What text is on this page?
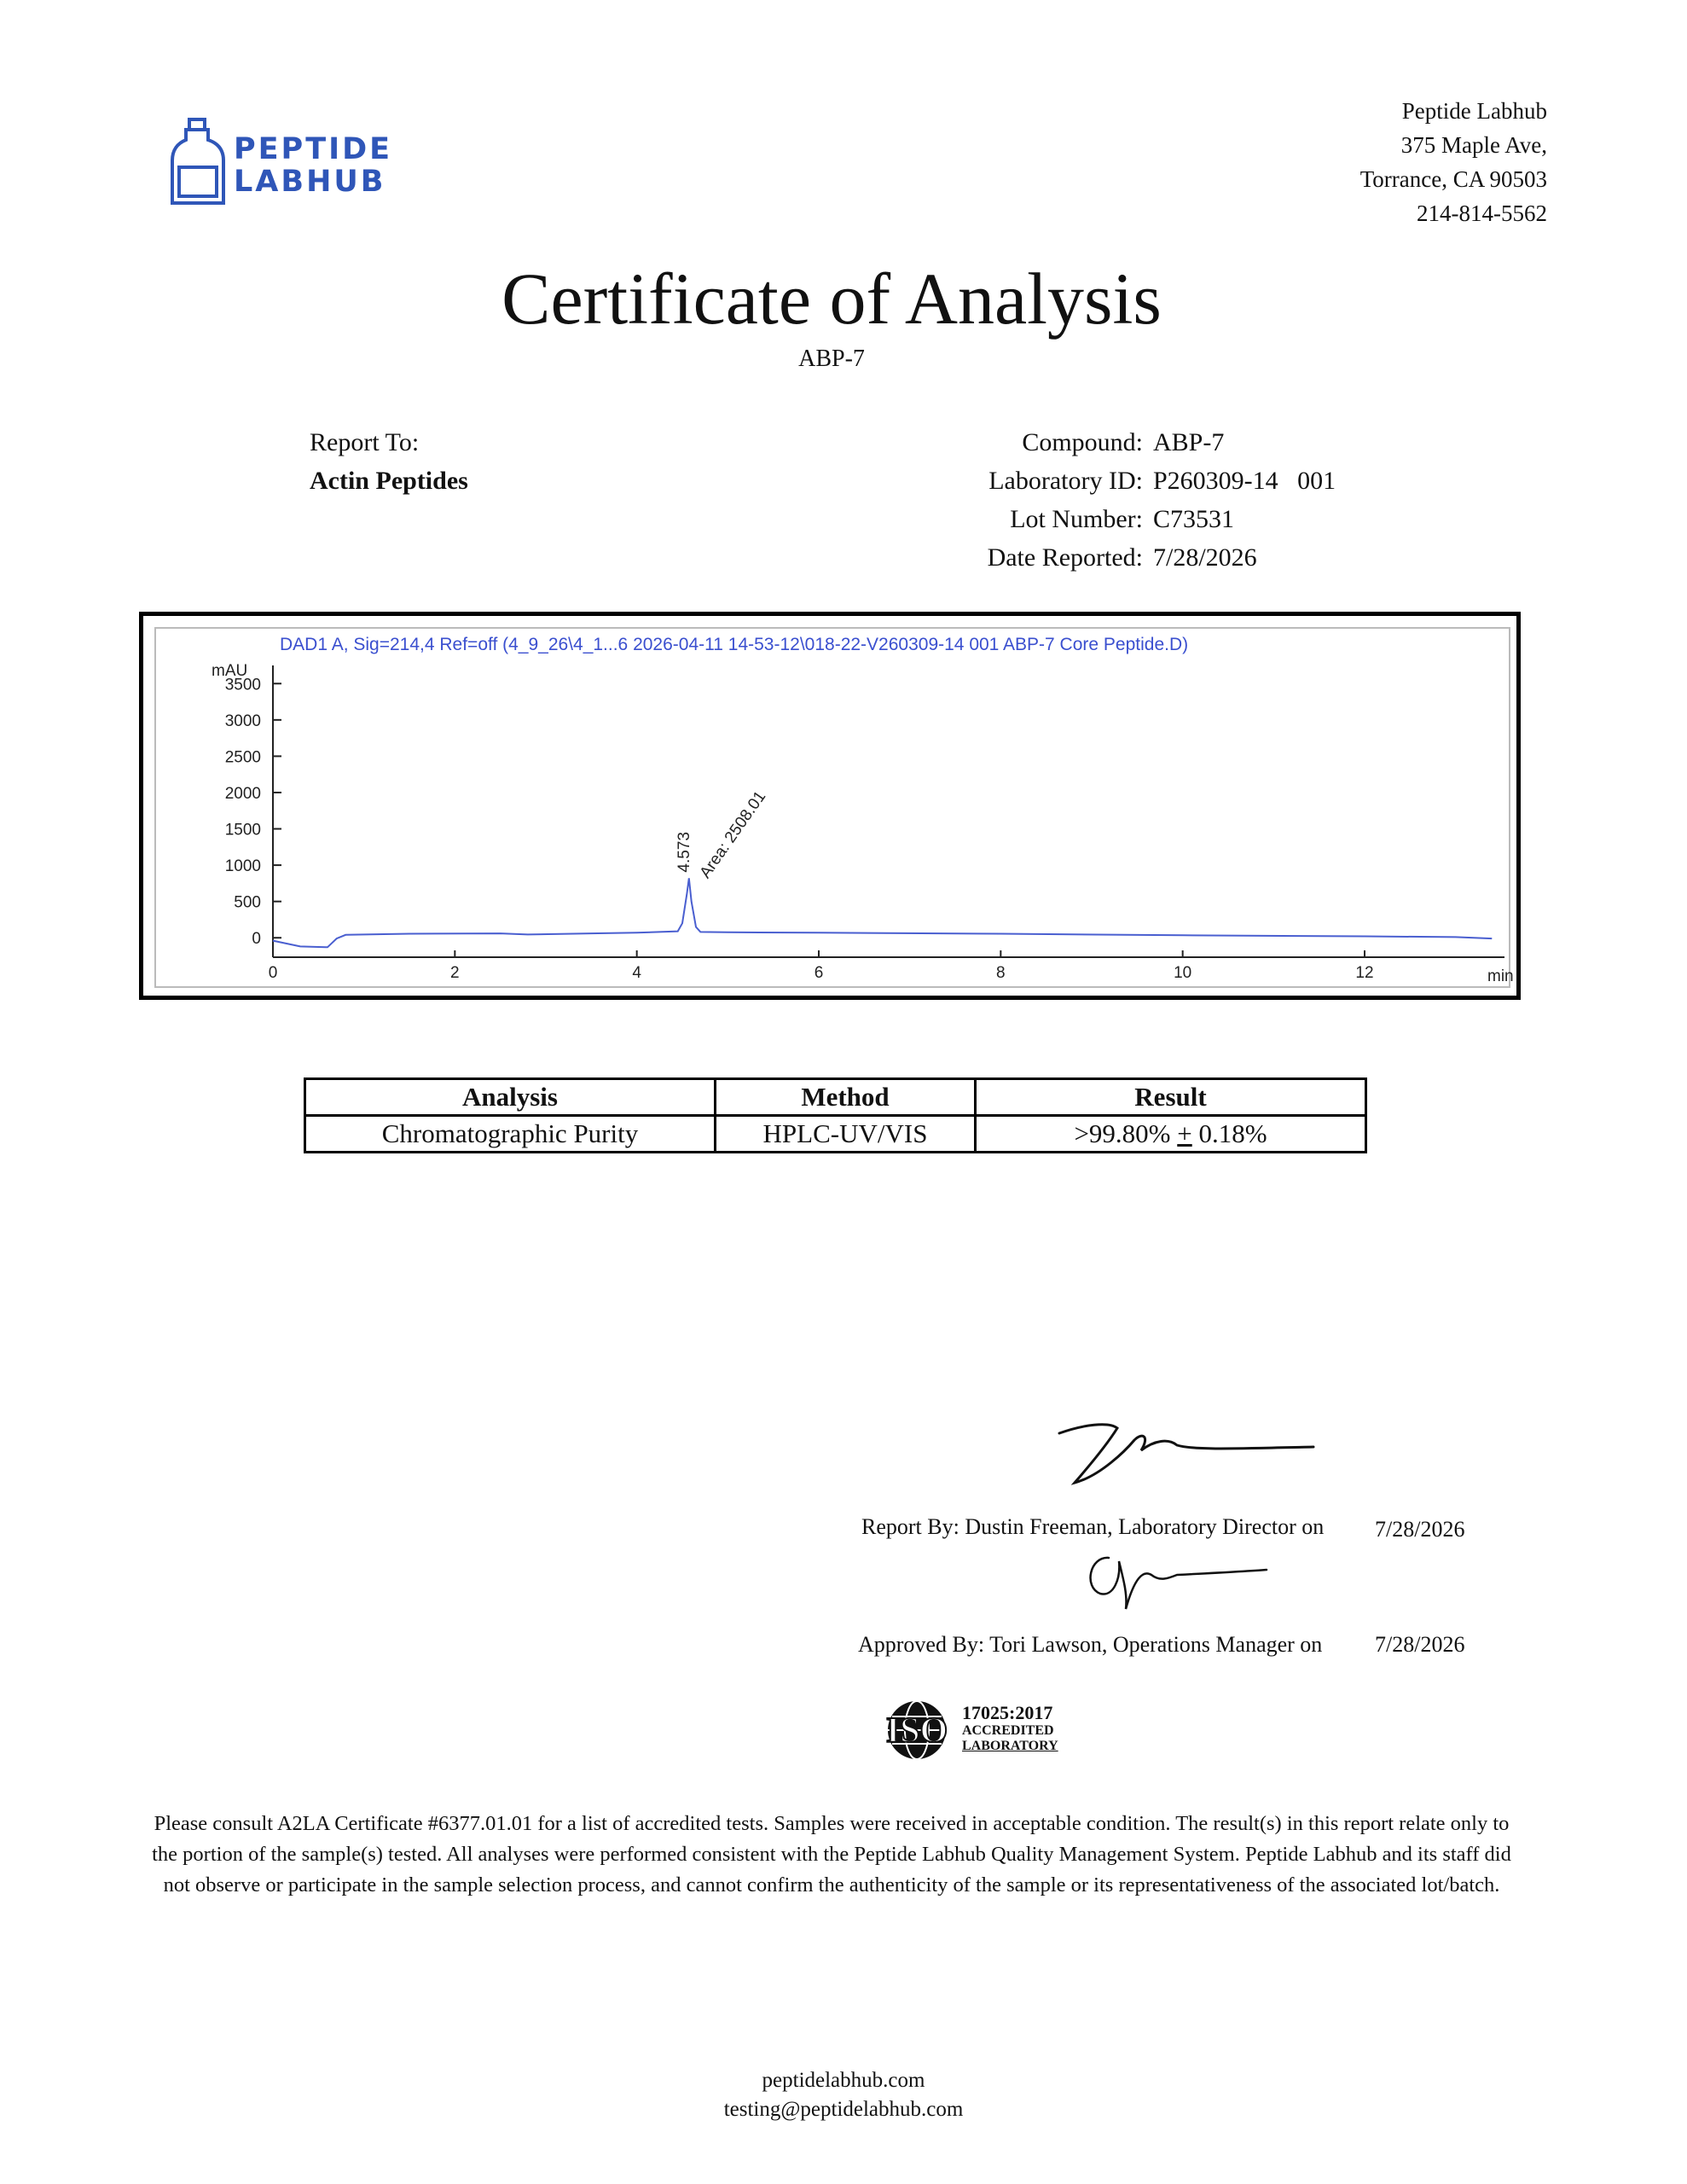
PEPTIDE
LABHUB
Peptide Labhub
375 Maple Ave,
Torrance, CA 90503
214-814-5562
Certificate of Analysis
ABP-7
Report To:
Actin Peptides
Compound: ABP-7
Laboratory ID: P260309-14   001
Lot Number: C73531
Date Reported: 7/28/2026
DAD1 A, Sig=214,4 Ref=off (4_9_26\4_1...6 2026-04-11 14-53-12\018-22-V260309-14 001 ABP-7 Core Peptide.D)
mAU
min
0
500
1000
1500
2000
2500
3000
3500
0	2	4	6	8	10	12
4.573 Area: 2508.01
Analysis	Method	Result
Chromatographic Purity	HPLC-UV/VIS	>99.80% + 0.18%
Report By: Dustin Freeman, Laboratory Director on 7/28/2026
Approved By: Tori Lawson, Operations Manager on 7/28/2026
ISO 17025:2017
ACCREDITED
LABORATORY
Please consult A2LA Certificate #6377.01.01 for a list of accredited tests. Samples were received in acceptable condition. The result(s) in this report relate only to the portion of the sample(s) tested. All analyses were performed consistent with the Peptide Labhub Quality Management System. Peptide Labhub and its staff did not observe or participate in the sample selection process, and cannot confirm the authenticity of the sample or its representativeness of the associated lot/batch.
peptidelabhub.com
testing@peptidelabhub.com
